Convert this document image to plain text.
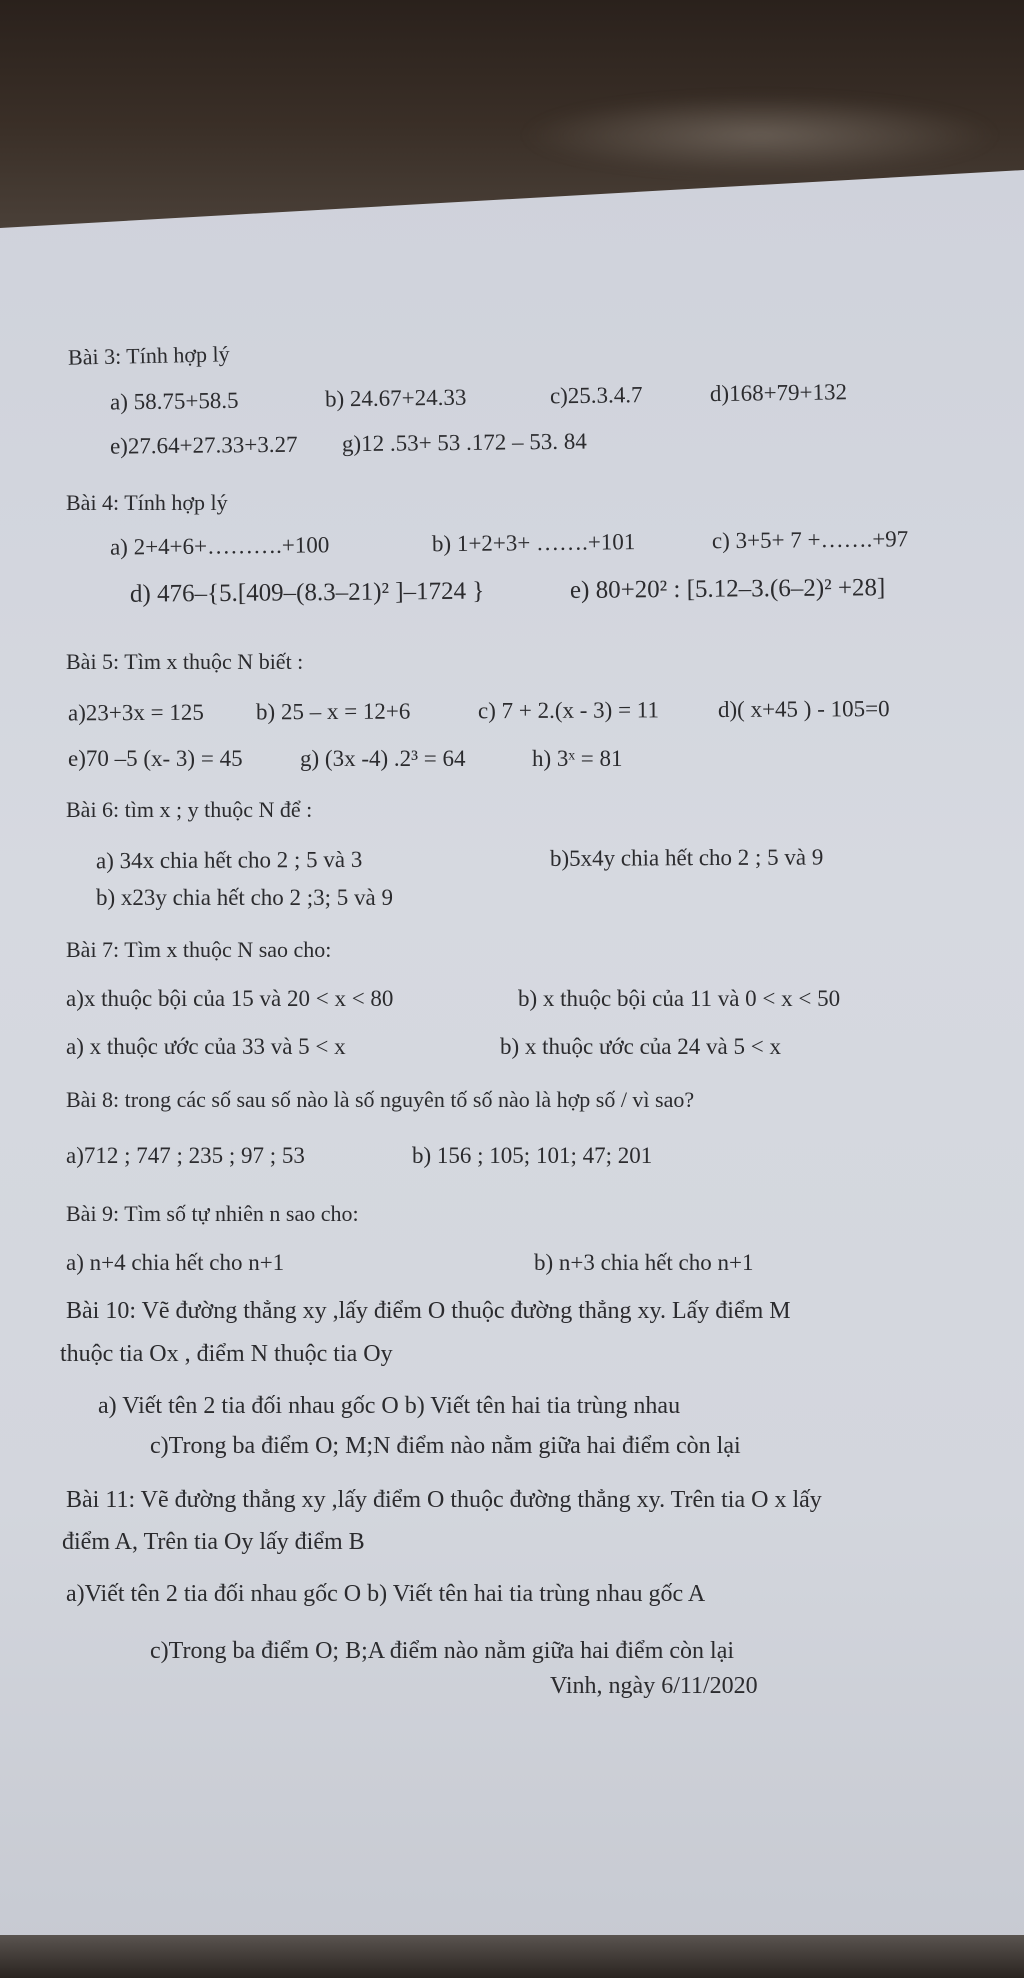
Bài 3: Tính hợp lý
a) 58.75+58.5	b) 24.67+24.33	c)25.3.4.7	d)168+79+132
e)27.64+27.33+3.27 g)12 .53+ 53 .172 – 53. 84
Bài 4: Tính hợp lý
a) 2+4+6+……….+100	b) 1+2+3+ …….+101	c) 3+5+ 7 +…….+97
d) 476–{5.[409–(8.3–21)² ]–1724 }	e) 80+20² : [5.12–3.(6–2)² +28]
Bài 5: Tìm x thuộc N biết :
a)23+3x = 125 b) 25 – x = 12+6	c) 7 + 2.(x - 3) = 11	d)( x+45 ) - 105=0
e)70 –5 (x- 3) = 45 g) (3x -4) .2³ = 64	h) 3ˣ = 81
Bài 6: tìm x ; y thuộc N để :
a) 34x chia hết cho 2 ; 5 và 3	b)5x4y chia hết cho 2 ; 5 và 9
b) x23y chia hết cho 2 ;3; 5 và 9
Bài 7: Tìm x thuộc N sao cho:
a)x thuộc bội của 15 và 20 < x < 80	b) x thuộc bội của 11 và 0 < x < 50
a) x thuộc ước của 33 và 5 < x	b) x thuộc ước của 24 và 5 < x
Bài 8: trong các số sau số nào là số nguyên tố số nào là hợp số / vì sao?
a)712 ; 747 ; 235 ; 97 ; 53	b) 156 ; 105; 101; 47; 201
Bài 9: Tìm số tự nhiên n sao cho:
a) n+4 chia hết cho n+1	b) n+3 chia hết cho n+1
Bài 10: Vẽ đường thẳng xy ,lấy điểm O thuộc đường thẳng xy. Lấy điểm M
thuộc tia Ox , điểm N thuộc tia Oy
a) Viết tên 2 tia đối nhau gốc O b) Viết tên hai tia trùng nhau
c)Trong ba điểm O; M;N điểm nào nằm giữa hai điểm còn lại
Bài 11: Vẽ đường thẳng xy ,lấy điểm O thuộc đường thẳng xy. Trên tia O x lấy
điểm A, Trên tia Oy lấy điểm B
a)Viết tên 2 tia đối nhau gốc O b) Viết tên hai tia trùng nhau gốc A
c)Trong ba điểm O; B;A điểm nào nằm giữa hai điểm còn lại
Vinh, ngày 6/11/2020
